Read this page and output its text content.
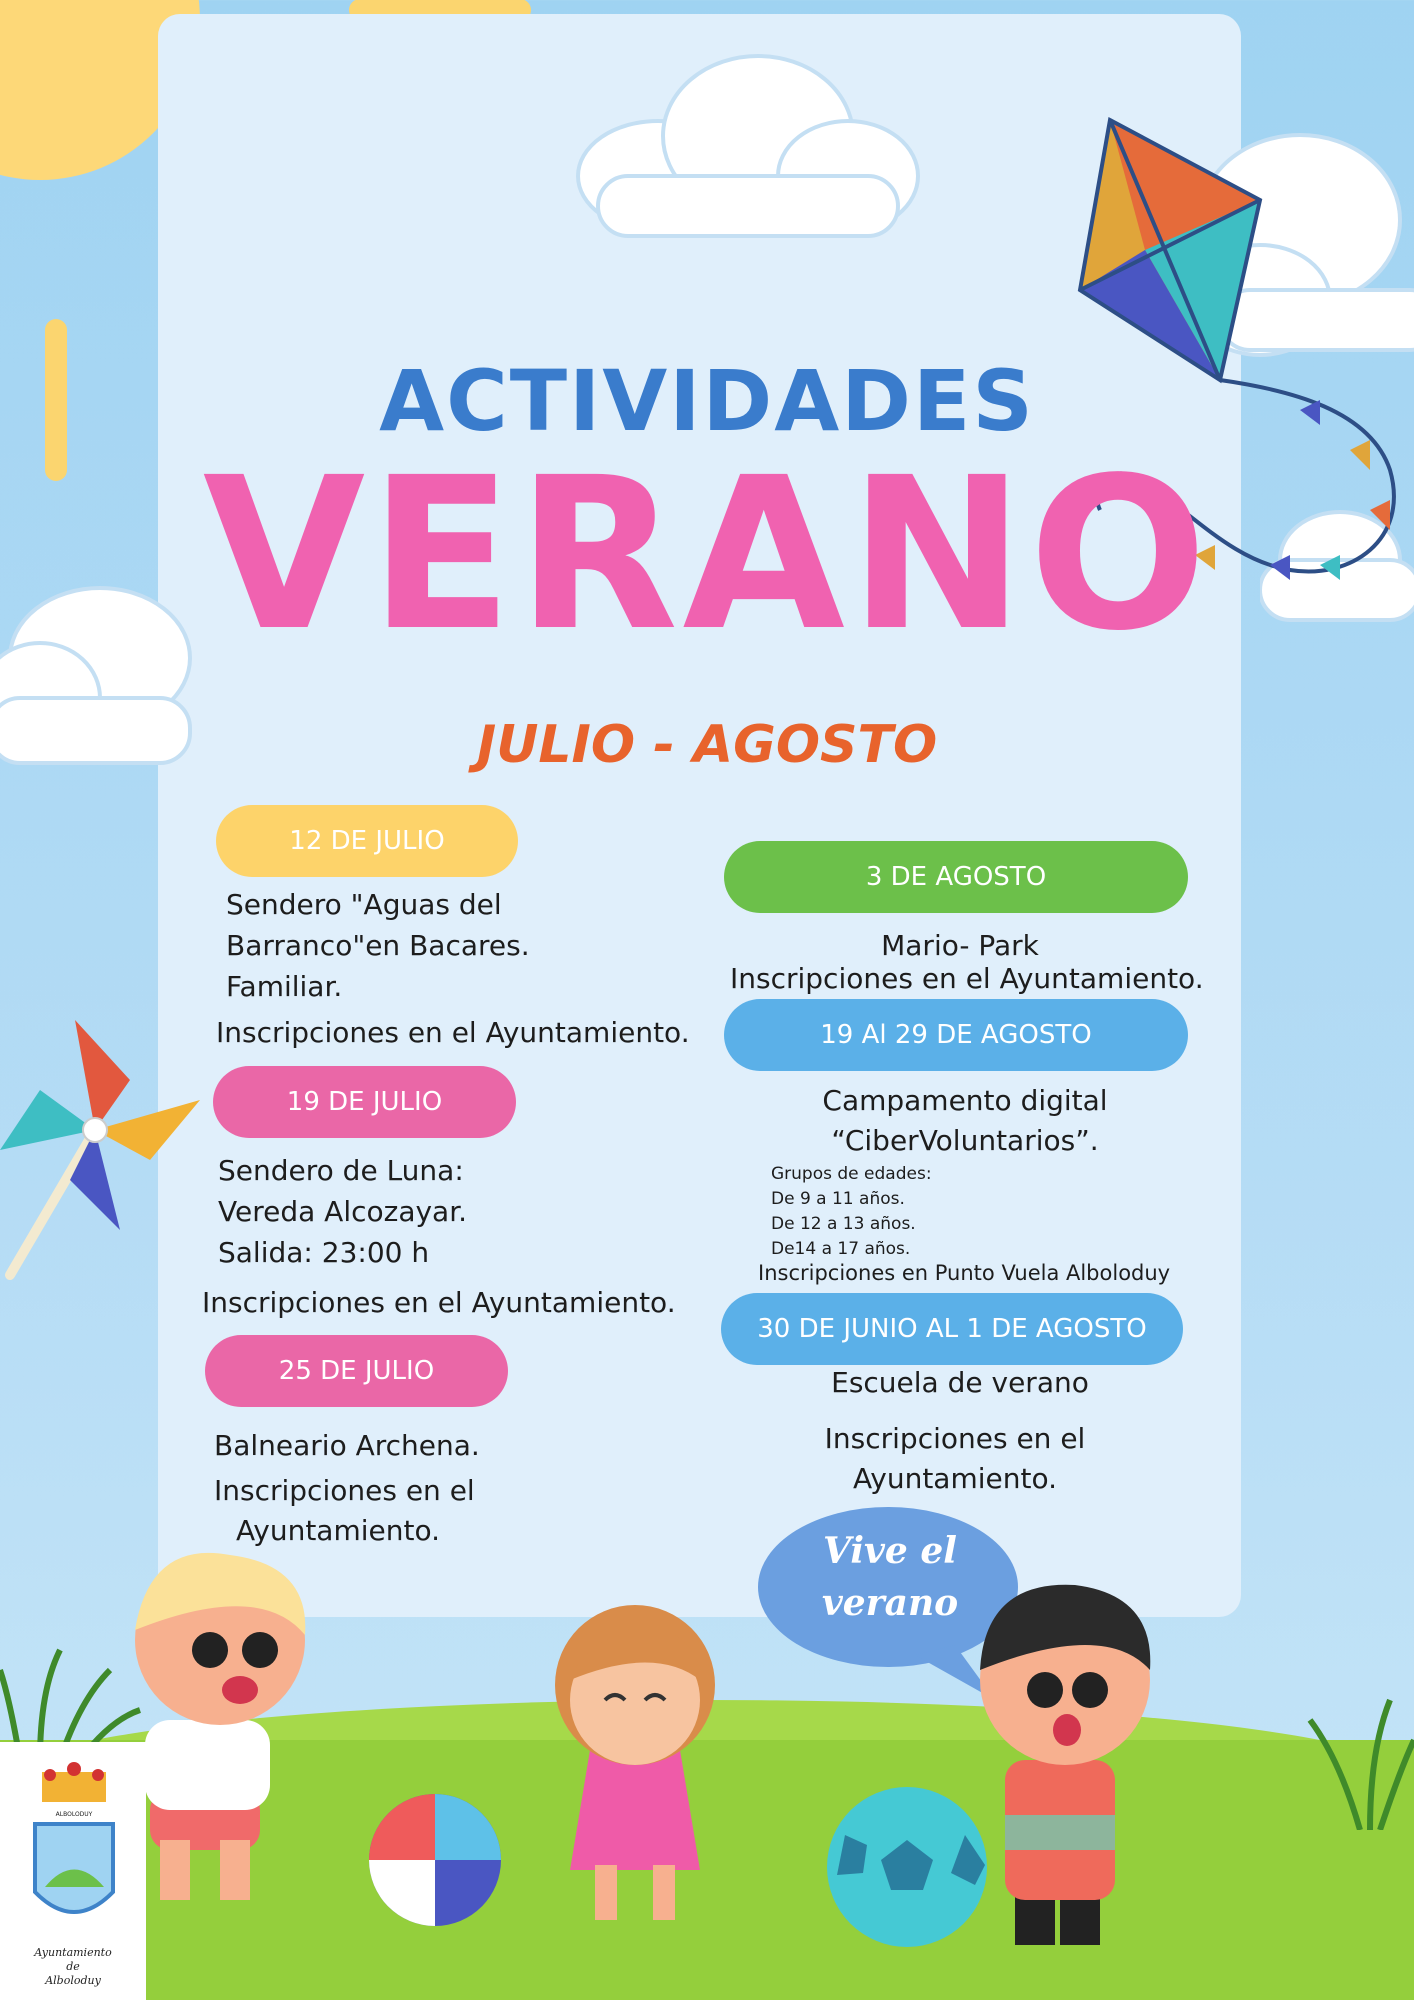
ACTIVIDADES
VERANO
JULIO - AGOSTO
12 DE JULIO
Sendero "Aguas del
Barranco"en Bacares.
Familiar.
Inscripciones en el Ayuntamiento.
19 DE JULIO
Sendero de Luna:
Vereda Alcozayar.
Salida: 23:00 h
Inscripciones en el Ayuntamiento.
25 DE JULIO
Balneario Archena.
Inscripciones en el
Ayuntamiento.
3 DE AGOSTO
Mario- Park
Inscripciones en el Ayuntamiento.
19 Al 29 DE AGOSTO
Campamento digital
“CiberVoluntarios”.
Grupos de edades:
De 9 a 11 años.
De 12 a 13 años.
De14 a 17 años.
Inscripciones en Punto Vuela Alboloduy
30 DE JUNIO AL 1 DE AGOSTO
Escuela de verano
Inscripciones en el
Ayuntamiento.
Vive el
verano
ALBOLODUY
Ayuntamiento
de
Alboloduy
